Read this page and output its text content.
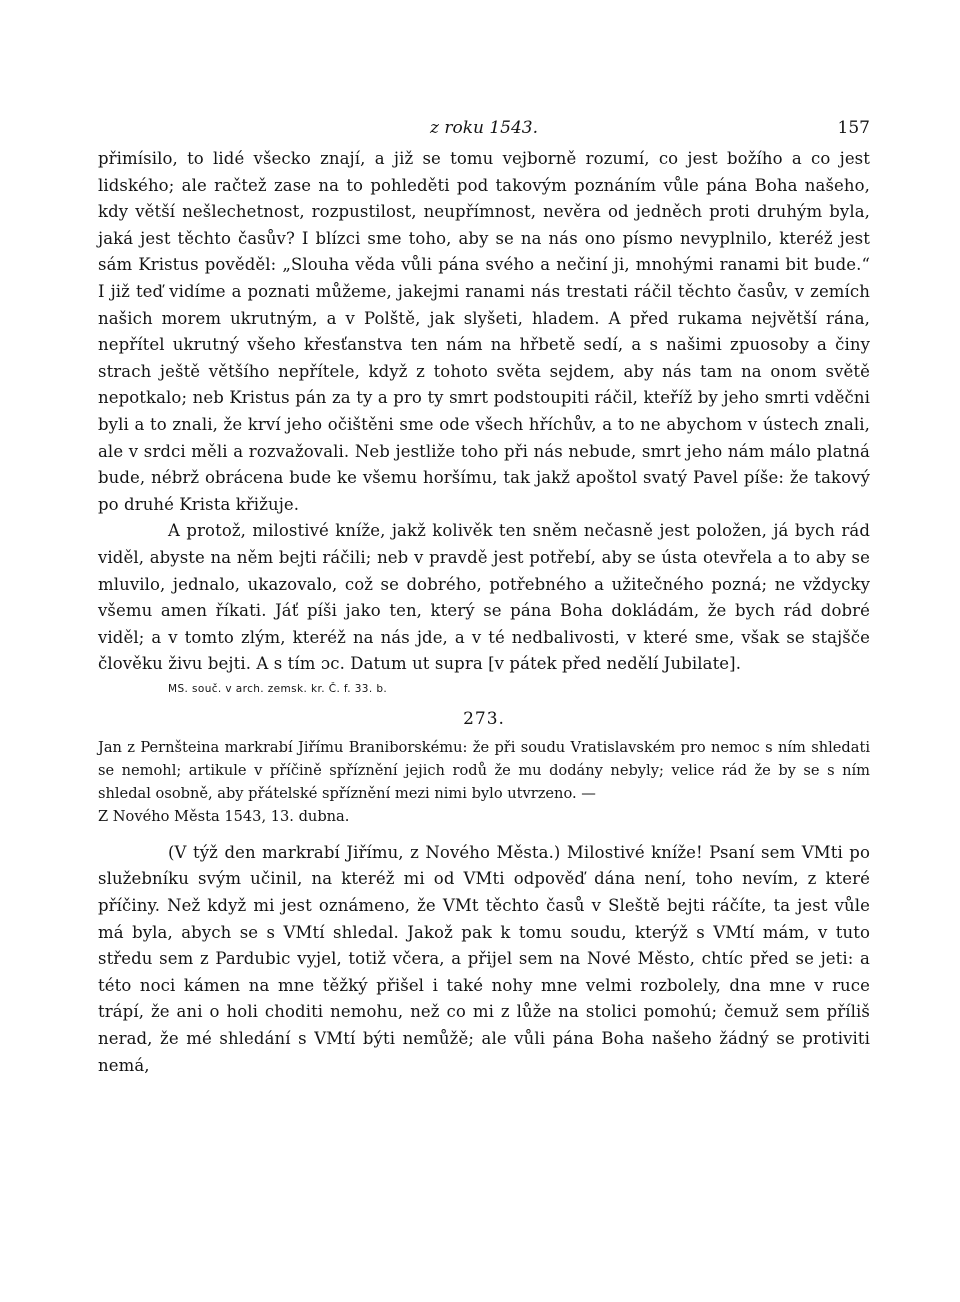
z roku 1543.	157

přimísilo, to lidé všecko znají, a již se tomu vejborně rozumí, co jest božího a co jest lidského; ale račtež zase na to pohleděti pod takovým poznáním vůle pána Boha našeho, kdy větší nešlechetnost, rozpustilost, neupřímnost, nevěra od jedněch proti druhým byla, jaká jest těchto časův? I blízci sme toho, aby se na nás ono písmo nevyplnilo, kteréž jest sám Kristus pověděl: „Slouha věda vůli pána svého a nečiní ji, mnohými ranami bit bude.“ I již teď vidíme a poznati můžeme, jakejmi ranami nás trestati ráčil těchto časův, v zemích našich morem ukrutným, a v Polště, jak slyšeti, hladem. A před rukama největší rána, nepřítel ukrutný všeho křesťanstva ten nám na hřbetě sedí, a s našimi zpuosoby a činy strach ještě většího nepřítele, když z tohoto světa sejdem, aby nás tam na onom světě nepotkalo; neb Kristus pán za ty a pro ty smrt podstoupiti ráčil, kteříž by jeho smrti vděčni byli a to znali, že krví jeho očištěni sme ode všech hříchův, a to ne abychom v ústech znali, ale v srdci měli a rozvažovali. Neb jestliže toho při nás nebude, smrt jeho nám málo platná bude, nébrž obrácena bude ke všemu horšímu, tak jakž apoštol svatý Pavel píše: že takový po druhé Krista křižuje.

A protož, milostivé kníže, jakž kolivěk ten sněm nečasně jest položen, já bych rád viděl, abyste na něm bejti ráčili; neb v pravdě jest potřebí, aby se ústa otevřela a to aby se mluvilo, jednalo, ukazovalo, což se dobrého, potřebného a užitečného pozná; ne vždycky všemu amen říkati. Jáť píši jako ten, který se pána Boha dokládám, že bych rád dobré viděl; a v tomto zlým, kteréž na nás jde, a v té nedbalivosti, v které sme, však se stajšče člověku živu bejti. A s tím ɔc. Datum ut supra [v pátek před nedělí Jubilate].

MS. souč. v arch. zemsk. kr. Č. f. 33. b.

273.

Jan z Pernšteina markrabí Jiřímu Braniborskému: že při soudu Vratislavském pro nemoc s ním shledati se nemohl; artikule v příčině spříznění jejich rodů že mu dodány nebyly; velice rád že by se s ním shledal osobně, aby přátelské spříznění mezi nimi bylo utvrzeno. —
Z Nového Města 1543, 13. dubna.

(V týž den markrabí Jiřímu, z Nového Města.) Milostivé kníže! Psaní sem VMti po služebníku svým učinil, na kteréž mi od VMti odpověď dána není, toho nevím, z které příčiny. Než když mi jest oznámeno, že VMt těchto časů v Sleště bejti ráčíte, ta jest vůle má byla, abych se s VMtí shledal. Jakož pak k tomu soudu, kterýž s VMtí mám, v tuto středu sem z Pardubic vyjel, totiž včera, a přijel sem na Nové Město, chtíc před se jeti: a této noci kámen na mne těžký přišel i také nohy mne velmi rozbolely, dna mne v ruce trápí, že ani o holi choditi nemohu, než co mi z lůže na stolici pomohú; čemuž sem příliš nerad, že mé shledání s VMtí býti nemůžě; ale vůli pána Boha našeho žádný se protiviti nemá,
